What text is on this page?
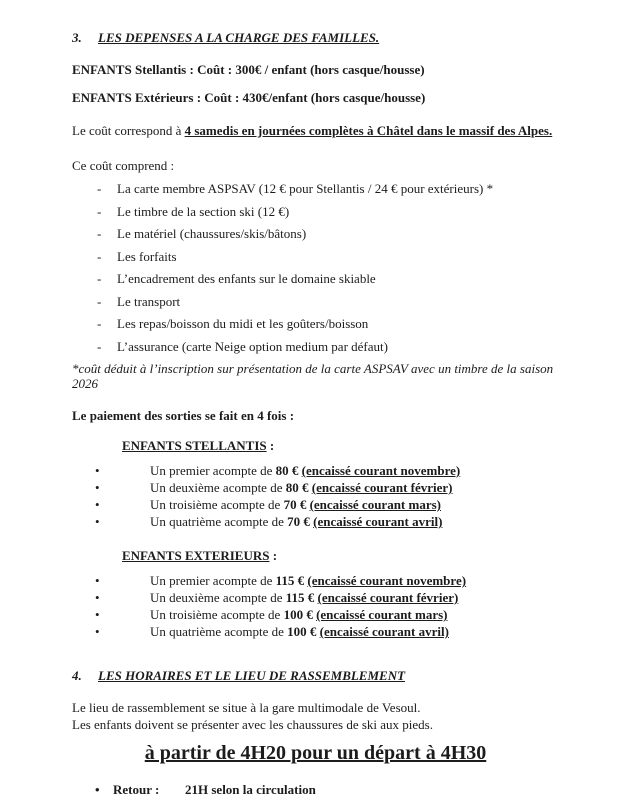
3. LES DEPENSES A LA CHARGE DES FAMILLES.
ENFANTS Stellantis : Coût : 300€ / enfant (hors casque/housse)
ENFANTS Extérieurs : Coût : 430€/enfant (hors casque/housse)
Le coût correspond à 4 samedis en journées complètes à Châtel dans le massif des Alpes.
Ce coût comprend :
-	La carte membre ASPSAV (12 € pour Stellantis / 24 € pour extérieurs) *
-	Le timbre de la section ski (12 €)
-	Le matériel (chaussures/skis/bâtons)
-	Les forfaits
-	L’encadrement des enfants sur le domaine skiable
-	Le transport
-	Les repas/boisson du midi et les goûters/boisson
-	L’assurance (carte Neige option medium par défaut)
*coût déduit à l’inscription sur présentation de la carte ASPSAV avec un timbre de la saison 2026
Le paiement des sorties se fait en 4 fois :
ENFANTS STELLANTIS :
•	Un premier acompte de 80 € (encaissé courant novembre)
•	Un deuxième acompte de 80 € (encaissé courant février)
•	Un troisième acompte de 70 € (encaissé courant mars)
•	Un quatrième acompte de 70 € (encaissé courant avril)
ENFANTS EXTERIEURS :
•	Un premier acompte de 115 € (encaissé courant novembre)
•	Un deuxième acompte de 115 € (encaissé courant février)
•	Un troisième acompte de 100 € (encaissé courant mars)
•	Un quatrième acompte de 100 € (encaissé courant avril)
4. LES HORAIRES ET LE LIEU DE RASSEMBLEMENT
Le lieu de rassemblement se situe à la gare multimodale de Vesoul.
Les enfants doivent se présenter avec les chaussures de ski aux pieds.
à partir de 4H20 pour un départ à 4H30
•	Retour :	21H selon la circulation
